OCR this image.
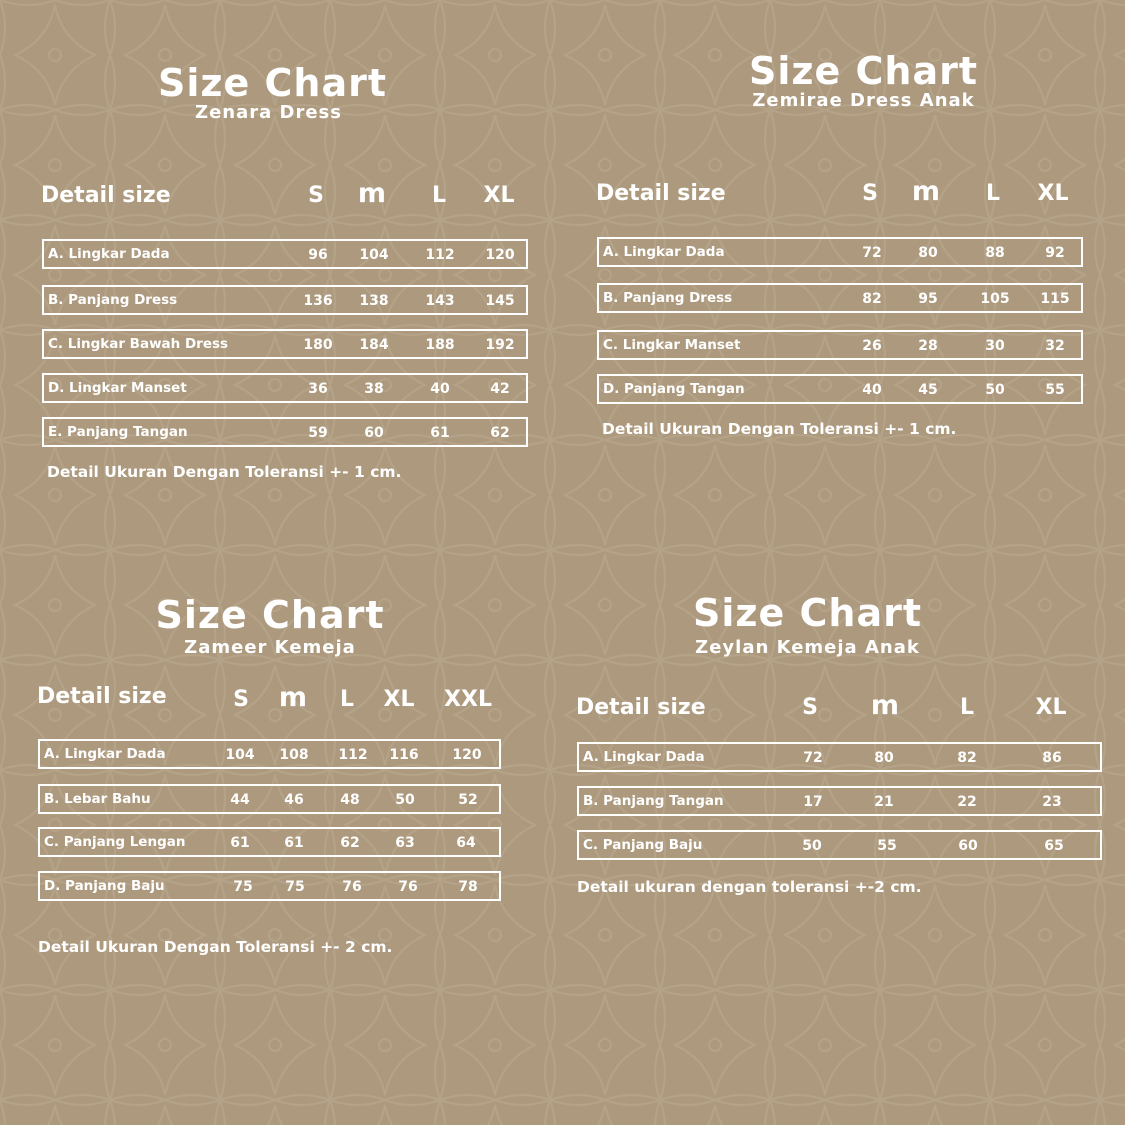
Size Chart
Zenara Dress
Detail size	S	m	L	XL
A. Lingkar Dada	96	104	112	120
B. Panjang Dress	136	138	143	145
C. Lingkar Bawah Dress	180	184	188	192
D. Lingkar Manset	36	38	40	42
E. Panjang Tangan	59	60	61	62
Detail Ukuran Dengan Toleransi +- 1 cm.
Size Chart
Zemirae Dress Anak
Detail size	S	m	L	XL
A. Lingkar Dada	72	80	88	92
B. Panjang Dress	82	95	105	115
C. Lingkar Manset	26	28	30	32
D. Panjang Tangan	40	45	50	55
Detail Ukuran Dengan Toleransi +- 1 cm.
Size Chart
Zameer Kemeja
Detail size	S	m	L	XL	XXL
A. Lingkar Dada	104	108	112	116	120
B. Lebar Bahu	44	46	48	50	52
C. Panjang Lengan	61	61	62	63	64
D. Panjang Baju	75	75	76	76	78
Detail Ukuran Dengan Toleransi +- 2 cm.
Size Chart
Zeylan Kemeja Anak
Detail size	S	m	L	XL
A. Lingkar Dada	72	80	82	86
B. Panjang Tangan	17	21	22	23
C. Panjang Baju	50	55	60	65
Detail ukuran dengan toleransi +-2 cm.
